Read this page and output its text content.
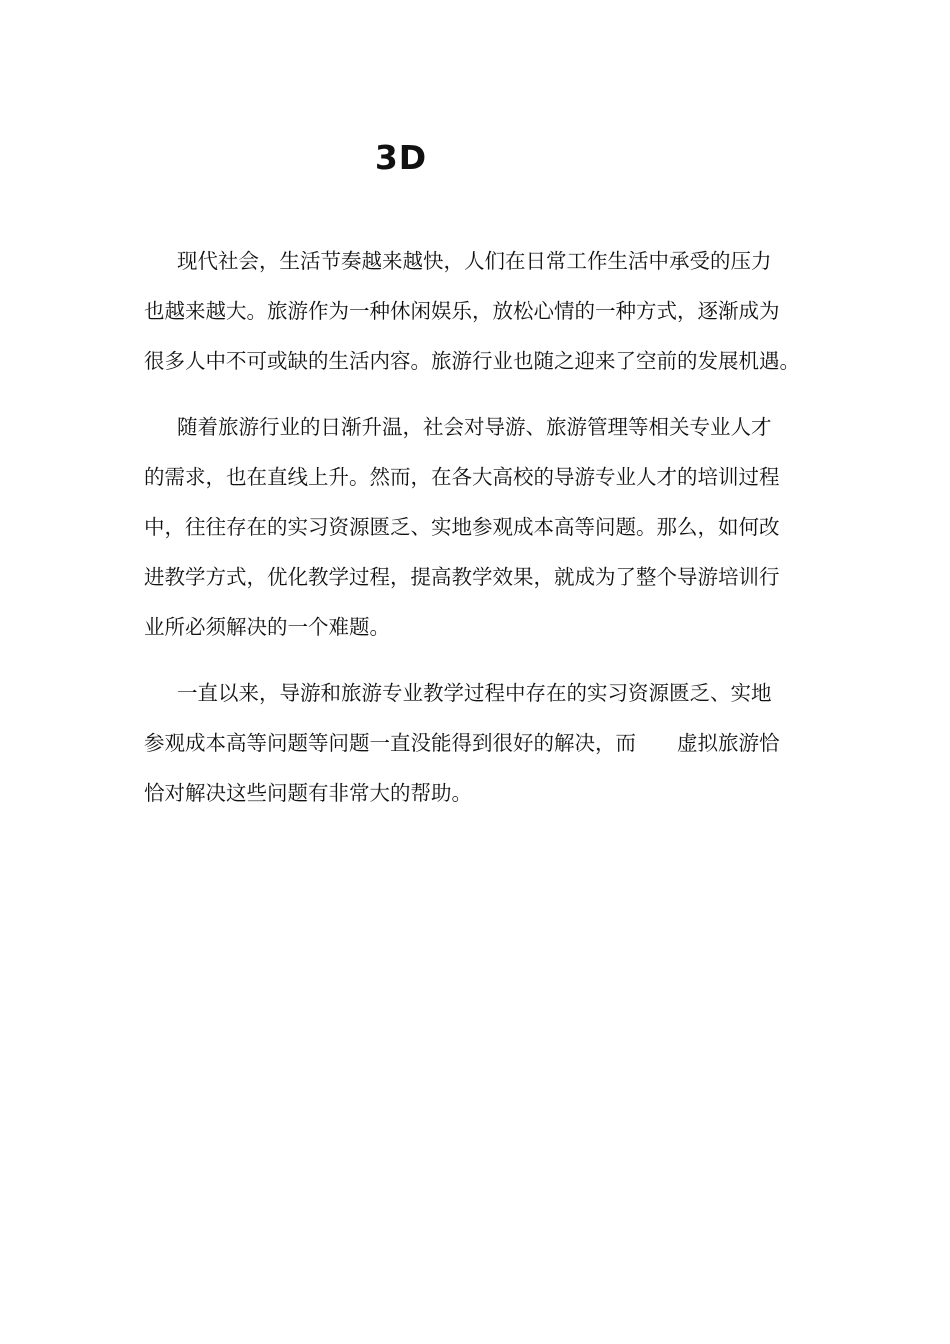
3D

现代社会，生活节奏越来越快，人们在日常工作生活中承受的压力
也越来越大。旅游作为一种休闲娱乐，放松心情的一种方式，逐渐成为
很多人中不可或缺的生活内容。旅游行业也随之迎来了空前的发展机遇。

随着旅游行业的日渐升温，社会对导游、旅游管理等相关专业人才
的需求，也在直线上升。然而，在各大高校的导游专业人才的培训过程
中，往往存在的实习资源匮乏、实地参观成本高等问题。那么，如何改
进教学方式，优化教学过程，提高教学效果，就成为了整个导游培训行
业所必须解决的一个难题。

一直以来，导游和旅游专业教学过程中存在的实习资源匮乏、实地
参观成本高等问题等问题一直没能得到很好的解决，而　　虚拟旅游恰
恰对解决这些问题有非常大的帮助。
